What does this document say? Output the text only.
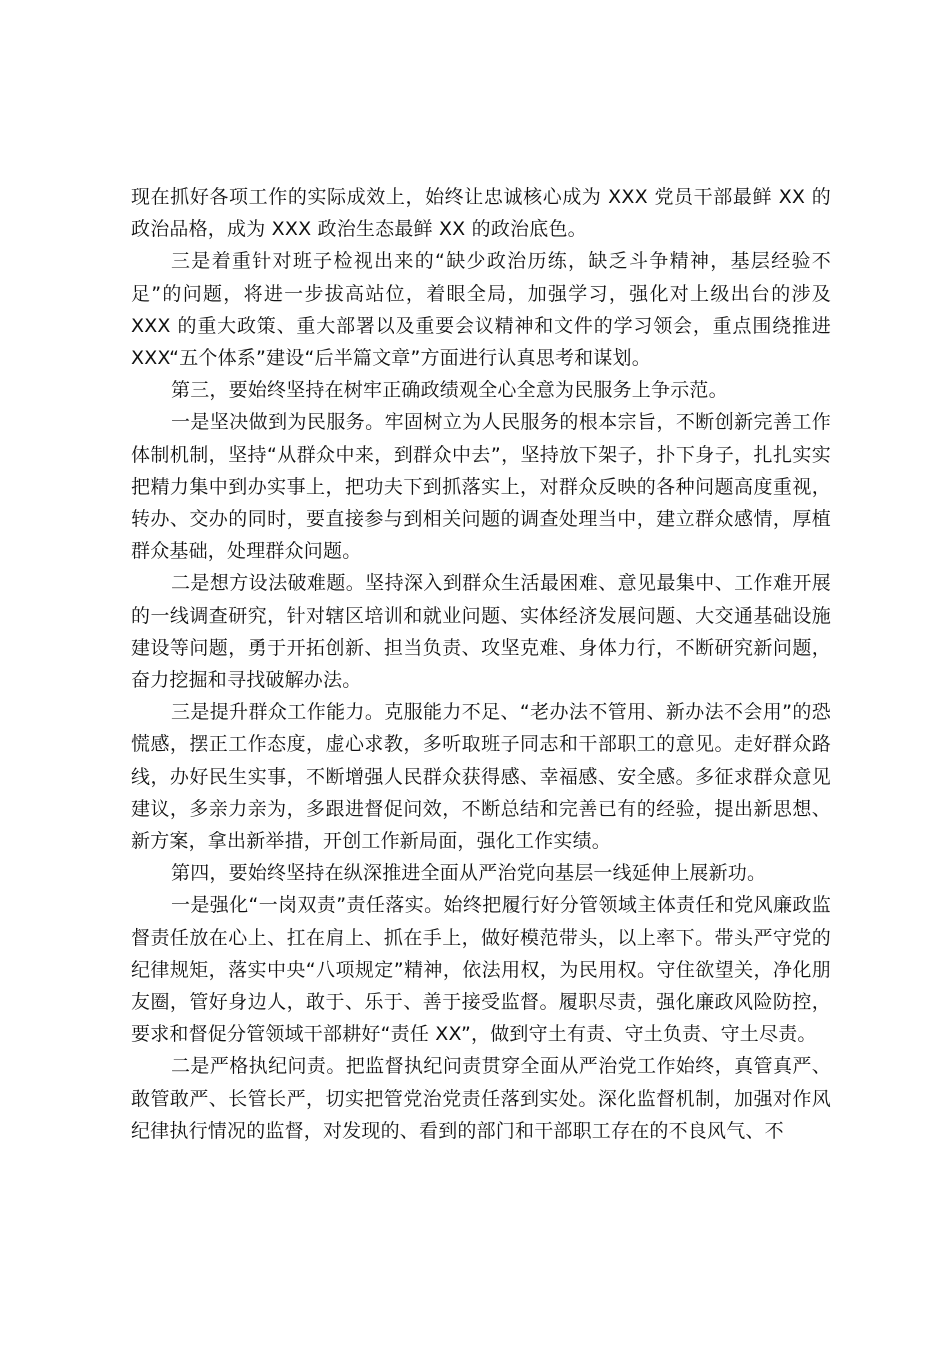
现在抓好各项工作的实际成效上，始终让忠诚核心成为 XXX 党员干部最鲜 XX 的政治品格，成为 XXX 政治生态最鲜 XX 的政治底色。

三是着重针对班子检视出来的“缺少政治历练，缺乏斗争精神，基层经验不足”的问题，将进一步拔高站位，着眼全局，加强学习，强化对上级出台的涉及 XXX 的重大政策、重大部署以及重要会议精神和文件的学习领会，重点围绕推进 XXX“五个体系”建设“后半篇文章”方面进行认真思考和谋划。

第三，要始终坚持在树牢正确政绩观全心全意为民服务上争示范。

一是坚决做到为民服务。牢固树立为人民服务的根本宗旨，不断创新完善工作体制机制，坚持“从群众中来，到群众中去”，坚持放下架子，扑下身子，扎扎实实把精力集中到办实事上，把功夫下到抓落实上，对群众反映的各种问题高度重视，转办、交办的同时，要直接参与到相关问题的调查处理当中，建立群众感情，厚植群众基础，处理群众问题。

二是想方设法破难题。坚持深入到群众生活最困难、意见最集中、工作难开展的一线调查研究，针对辖区培训和就业问题、实体经济发展问题、大交通基础设施建设等问题，勇于开拓创新、担当负责、攻坚克难、身体力行，不断研究新问题，奋力挖掘和寻找破解办法。

三是提升群众工作能力。克服能力不足、“老办法不管用、新办法不会用”的恐慌感，摆正工作态度，虚心求教，多听取班子同志和干部职工的意见。走好群众路线，办好民生实事，不断增强人民群众获得感、幸福感、安全感。多征求群众意见建议，多亲力亲为，多跟进督促问效，不断总结和完善已有的经验，提出新思想、新方案，拿出新举措，开创工作新局面，强化工作实绩。

第四，要始终坚持在纵深推进全面从严治党向基层一线延伸上展新功。

一是强化“一岗双责”责任落实。始终把履行好分管领域主体责任和党风廉政监督责任放在心上、扛在肩上、抓在手上，做好模范带头，以上率下。带头严守党的纪律规矩，落实中央“八项规定”精神，依法用权，为民用权。守住欲望关，净化朋友圈，管好身边人，敢于、乐于、善于接受监督。履职尽责，强化廉政风险防控，要求和督促分管领域干部耕好“责任 XX”，做到守土有责、守土负责、守土尽责。

二是严格执纪问责。把监督执纪问责贯穿全面从严治党工作始终，真管真严、敢管敢严、长管长严，切实把管党治党责任落到实处。深化监督机制，加强对作风纪律执行情况的监督，对发现的、看到的部门和干部职工存在的不良风气、不
